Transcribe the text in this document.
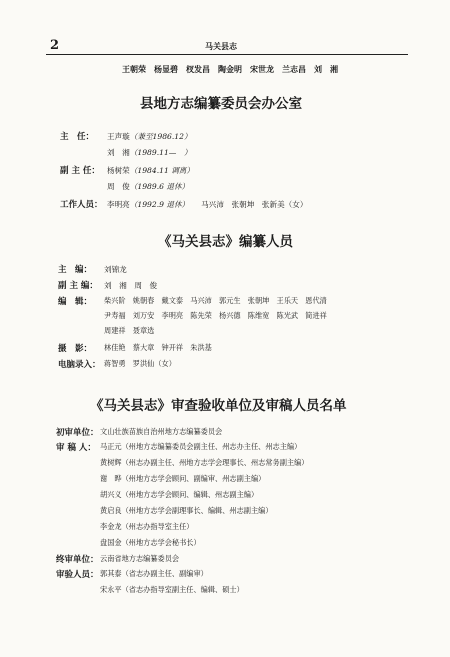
2	马关县志
王朝荣　杨显碧　杈发昌　陶金明　宋世龙　兰志昌　刘　湘
县地方志编纂委员会办公室
主　任： 王声璇（兼至1986.12）
刘　湘（1989.11—　）
副 主 任： 杨树荣（1984.11 调离）
周　俊（1989.6 退休）
工作人员： 李明亮（1992.9 退休） 马兴沛　张朝坤　张新美（女）
《马关县志》编纂人员
主　编： 刘锦龙
副 主 编： 刘　湘　周　俊
编　辑： 柴兴阶　姚朝春　戴文泰　马兴沛　郭元生　张朝坤　王乐天　恩代清
尹寿福　刘万安　李明亮　陈先荣　杨兴德　陈维宽　陈光武　简进祥
周建祥　聂章选
摄　影： 林佳艳　蔡大章　钟开祥　朱洪基
电脑录入： 蒋智勇　罗洪仙（女）
《马关县志》审查验收单位及审稿人员名单
初审单位： 文山壮族苗族自治州地方志编纂委员会
审 稿 人： 马正元（州地方志编纂委员会副主任、州志办主任、州志主编）
黄树辉（州志办副主任、州地方志学会理事长、州志常务副主编）
谢　晔（州地方志学会顾问、副编审、州志副主编）
胡兴义（州地方志学会顾问、编辑、州志副主编）
黄启良（州地方志学会副理事长、编辑、州志副主编）
李金龙（州志办指导室主任）
盘国金（州地方志学会秘书长）
终审单位： 云南省地方志编纂委员会
审验人员： 郭其泰（省志办副主任、副编审）
宋永平（省志办指导室副主任、编辑、硕士）
